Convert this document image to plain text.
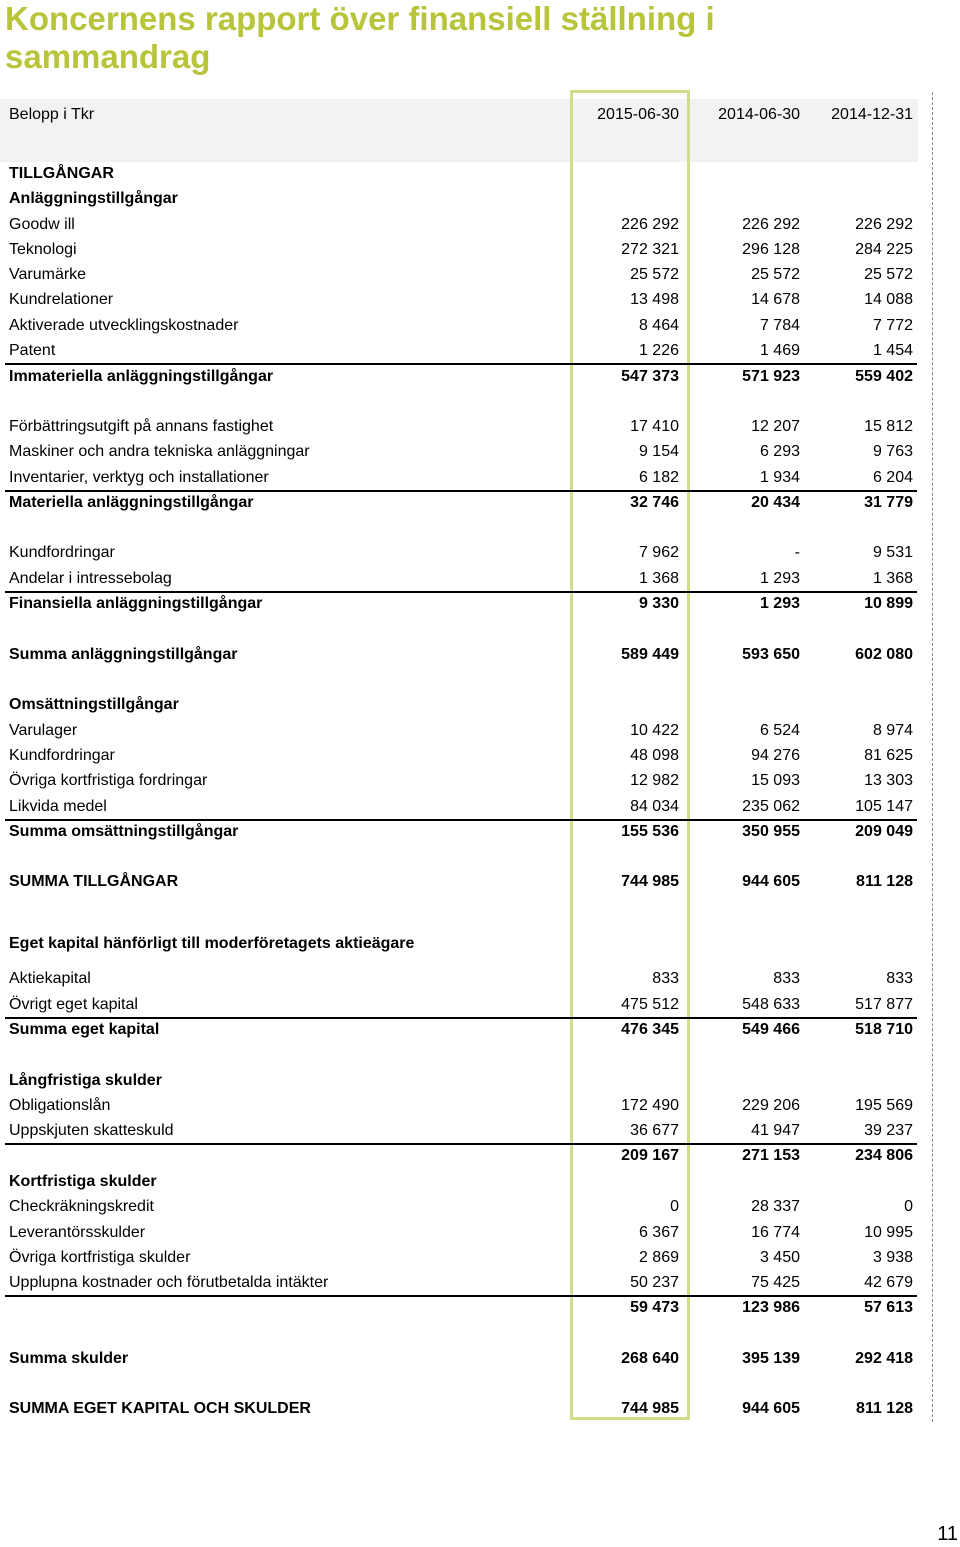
Koncernens rapport över finansiell ställning i sammandrag
Belopp i Tkr	2015-06-30	2014-06-30	2014-12-31
TILLGÅNGAR
Anläggningstillgångar
Goodw ill	226 292	226 292	226 292
Teknologi	272 321	296 128	284 225
Varumärke	25 572	25 572	25 572
Kundrelationer	13 498	14 678	14 088
Aktiverade utvecklingskostnader	8 464	7 784	7 772
Patent	1 226	1 469	1 454
Immateriella anläggningstillgångar	547 373	571 923	559 402
Förbättringsutgift på annans fastighet	17 410	12 207	15 812
Maskiner och andra tekniska anläggningar	9 154	6 293	9 763
Inventarier, verktyg och installationer	6 182	1 934	6 204
Materiella anläggningstillgångar	32 746	20 434	31 779
Kundfordringar	7 962	-	9 531
Andelar i intressebolag	1 368	1 293	1 368
Finansiella anläggningstillgångar	9 330	1 293	10 899
Summa anläggningstillgångar	589 449	593 650	602 080
Omsättningstillgångar
Varulager	10 422	6 524	8 974
Kundfordringar	48 098	94 276	81 625
Övriga kortfristiga fordringar	12 982	15 093	13 303
Likvida medel	84 034	235 062	105 147
Summa omsättningstillgångar	155 536	350 955	209 049
SUMMA TILLGÅNGAR	744 985	944 605	811 128
Eget kapital hänförligt till moderföretagets aktieägare
Aktiekapital	833	833	833
Övrigt eget kapital	475 512	548 633	517 877
Summa eget kapital	476 345	549 466	518 710
Långfristiga skulder
Obligationslån	172 490	229 206	195 569
Uppskjuten skatteskuld	36 677	41 947	39 237
209 167	271 153	234 806
Kortfristiga skulder
Checkräkningskredit	0	28 337	0
Leverantörsskulder	6 367	16 774	10 995
Övriga kortfristiga skulder	2 869	3 450	3 938
Upplupna kostnader och förutbetalda intäkter	50 237	75 425	42 679
59 473	123 986	57 613
Summa skulder	268 640	395 139	292 418
SUMMA EGET KAPITAL OCH SKULDER	744 985	944 605	811 128
11
